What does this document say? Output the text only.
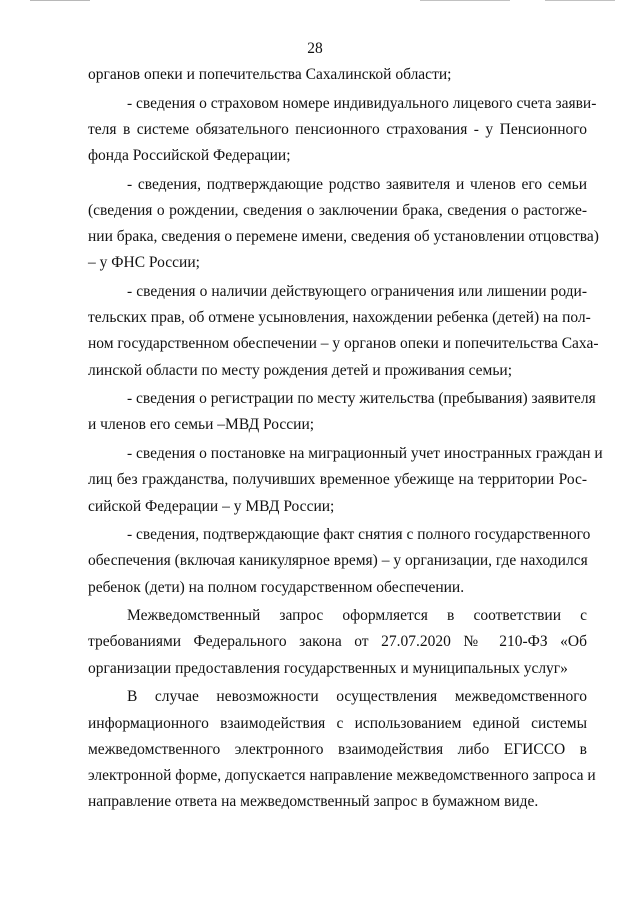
28
органов опеки и попечительства Сахалинской области;
- сведения о страховом номере индивидуального лицевого счета заяви-
теля в системе обязательного пенсионного страхования - у Пенсионного
фонда Российской Федерации;
- сведения, подтверждающие родство заявителя и членов его семьи
(сведения о рождении, сведения о заключении брака, сведения о растorже-
нии брака, сведения о перемене имени, сведения об установлении отцовства)
– у ФНС России;
- сведения о наличии действующего ограничения или лишении роди-
тельских прав, об отмене усыновления, нахождении ребенка (детей) на пол-
ном государственном обеспечении – у органов опеки и попечительства Саха-
линской области по месту рождения детей и проживания семьи;
- сведения о регистрации по месту жительства (пребывания) заявителя
и членов его семьи –МВД России;
- сведения о постановке на миграционный учет иностранных граждан и
лиц без гражданства, получивших временное убежище на территории Рос-
сийской Федерации – у МВД России;
- сведения, подтверждающие факт снятия с полного государственного
обеспечения (включая каникулярное время) – у организации, где находился
ребенок (дети) на полном государственном обеспечении.
Межведомственный запрос оформляется в соответствии с
требованиями Федерального закона от 27.07.2020 № 210-ФЗ «Об
организации предоставления государственных и муниципальных услуг»
В случае невозможности осуществления межведомственного
информационного взаимодействия с использованием единой системы
межведомственного электронного взаимодействия либо ЕГИССО в
электронной форме, допускается направление межведомственного запроса и
направление ответа на межведомственный запрос в бумажном виде.
